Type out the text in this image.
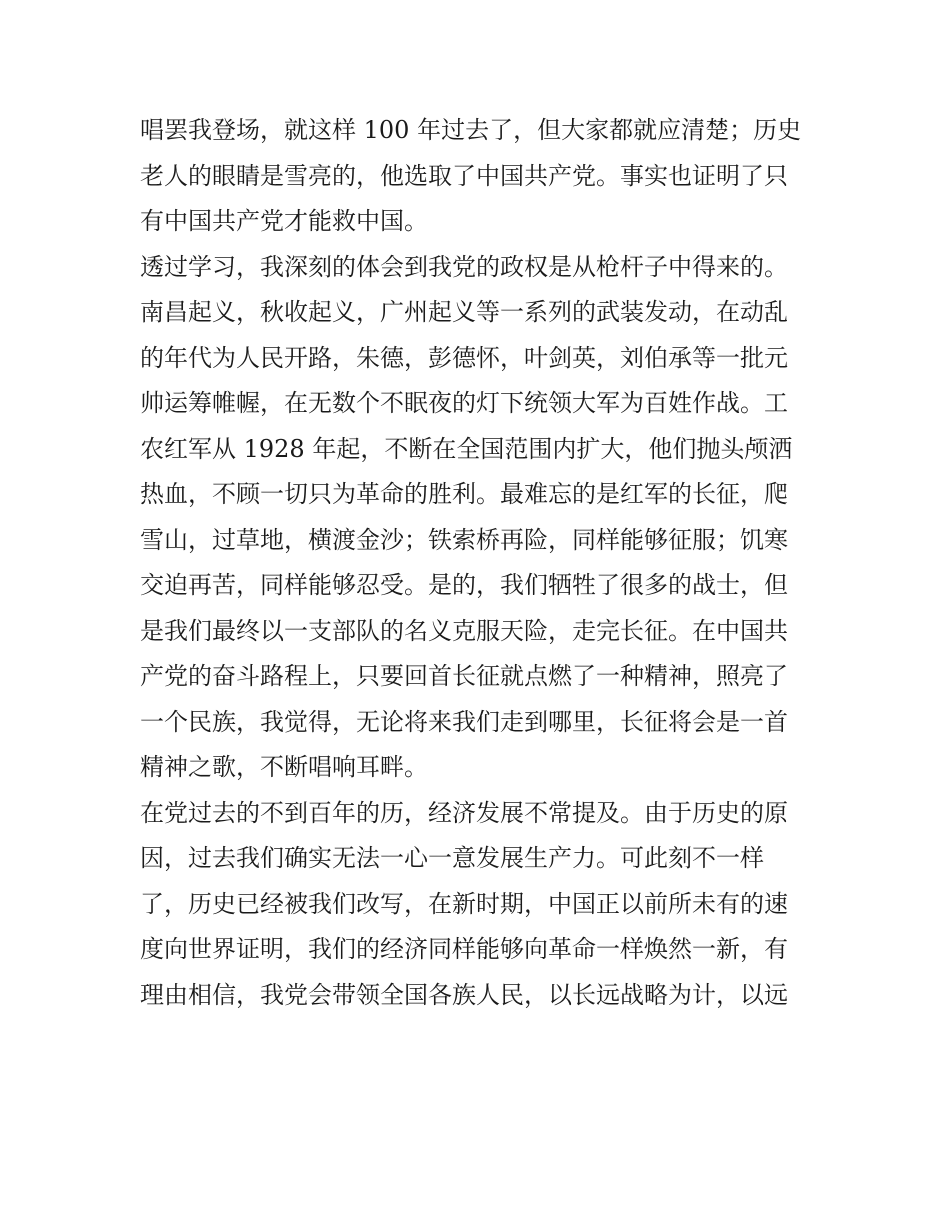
唱罢我登场，就这样 100 年过去了，但大家都就应清楚；历史
老人的眼睛是雪亮的，他选取了中国共产党。事实也证明了只
有中国共产党才能救中国。
透过学习，我深刻的体会到我党的政权是从枪杆子中得来的。
南昌起义，秋收起义，广州起义等一系列的武装发动，在动乱
的年代为人民开路，朱德，彭德怀，叶剑英，刘伯承等一批元
帅运筹帷幄，在无数个不眠夜的灯下统领大军为百姓作战。工
农红军从 1928 年起，不断在全国范围内扩大，他们抛头颅洒
热血，不顾一切只为革命的胜利。最难忘的是红军的长征，爬
雪山，过草地，横渡金沙；铁索桥再险，同样能够征服；饥寒
交迫再苦，同样能够忍受。是的，我们牺牲了很多的战士，但
是我们最终以一支部队的名义克服天险，走完长征。在中国共
产党的奋斗路程上，只要回首长征就点燃了一种精神，照亮了
一个民族，我觉得，无论将来我们走到哪里，长征将会是一首
精神之歌，不断唱响耳畔。
在党过去的不到百年的历，经济发展不常提及。由于历史的原
因，过去我们确实无法一心一意发展生产力。可此刻不一样
了，历史已经被我们改写，在新时期，中国正以前所未有的速
度向世界证明，我们的经济同样能够向革命一样焕然一新，有
理由相信，我党会带领全国各族人民，以长远战略为计，以远
